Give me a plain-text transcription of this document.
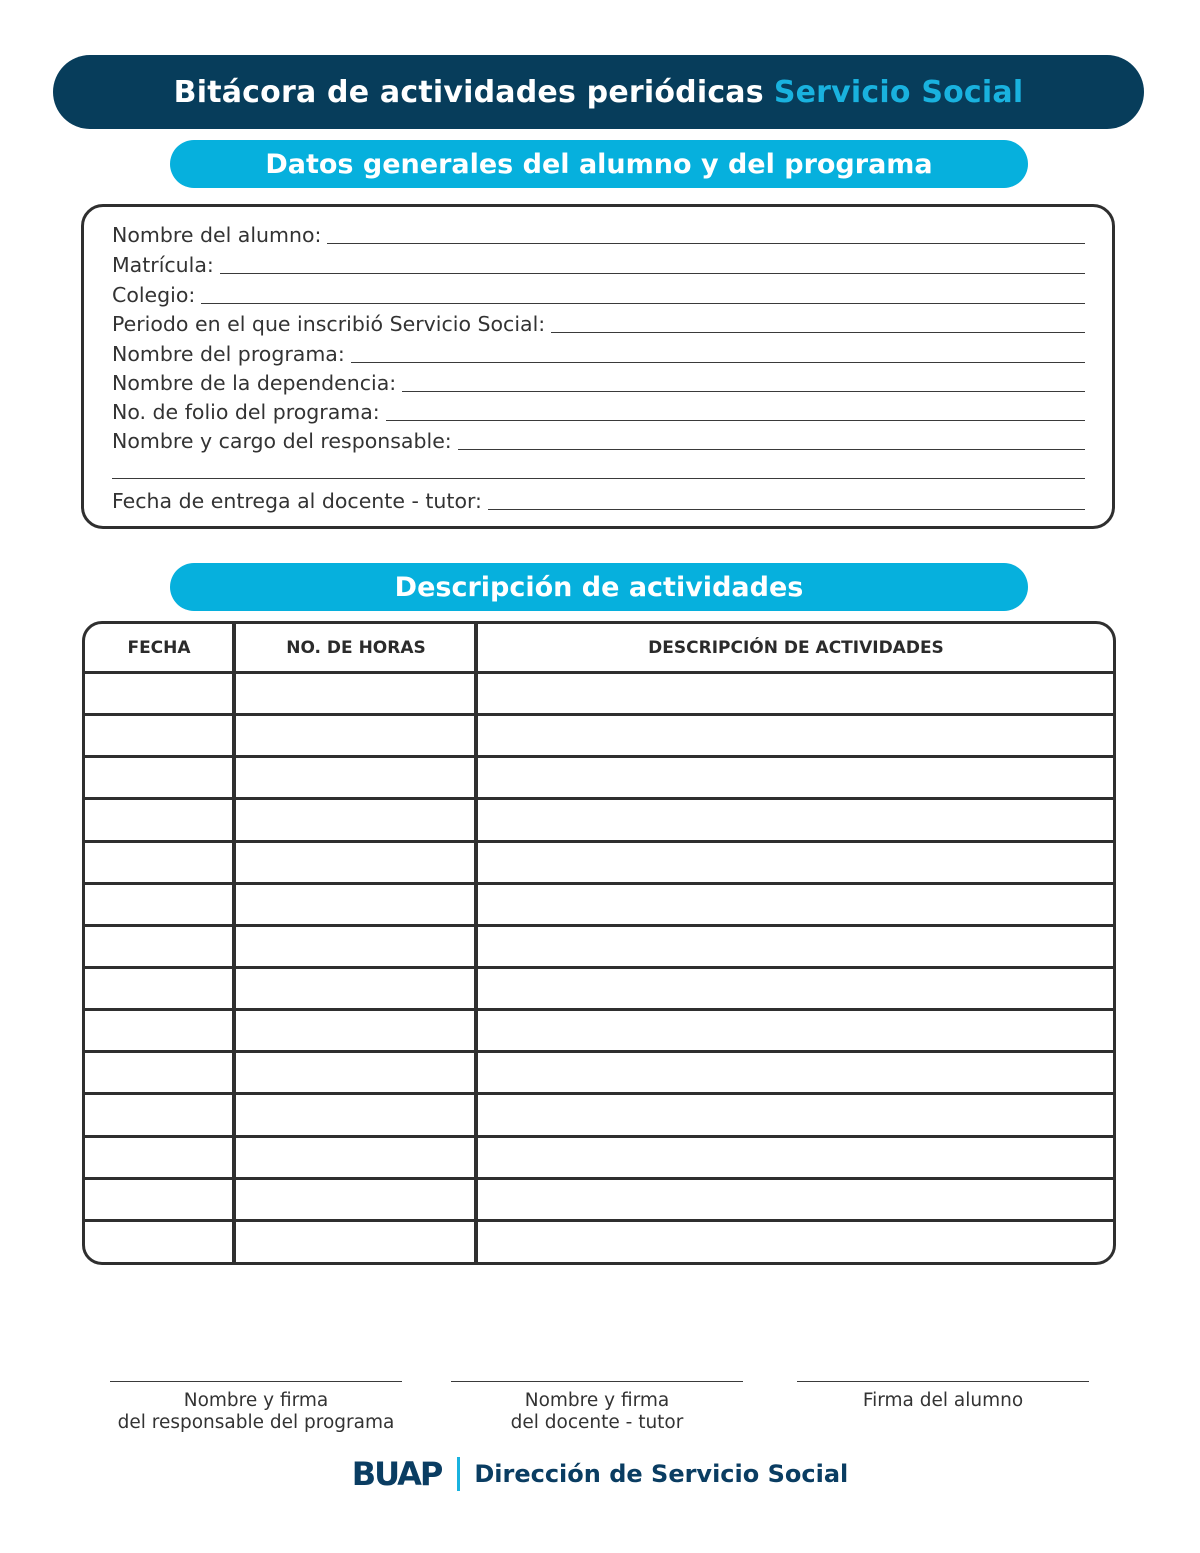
Bitácora de actividades periódicas Servicio Social
Datos generales del alumno y del programa
Nombre del alumno:
Matrícula:
Colegio:
Periodo en el que inscribió Servicio Social:
Nombre del programa:
Nombre de la dependencia:
No. de folio del programa:
Nombre y cargo del responsable:
Fecha de entrega al docente - tutor:
Descripción de actividades
FECHA	NO. DE HORAS	DESCRIPCIÓN DE ACTIVIDADES
Nombre y firma
del responsable del programa
Nombre y firma
del docente - tutor
Firma del alumno
BUAP Dirección de Servicio Social
